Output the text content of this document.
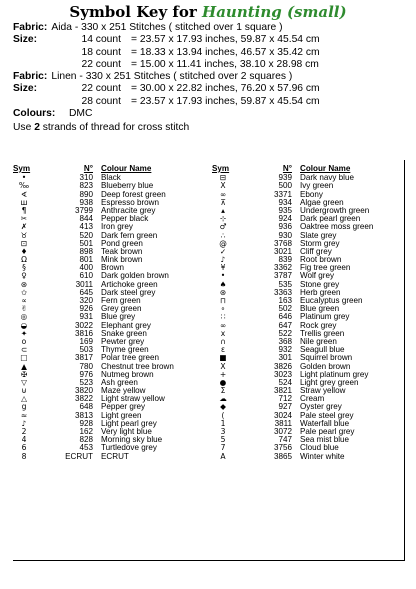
Symbol Key for Haunting (small)
Fabric: Aida - 330 x 251 Stitches ( stitched over 1 square )
Size:	14 count = 23.57 x 17.93 inches, 59.87 x 45.54 cm
18 count = 18.33 x 13.94 inches, 46.57 x 35.42 cm
22 count = 15.00 x 11.41 inches, 38.10 x 28.98 cm
Fabric: Linen - 330 x 251 Stitches ( stitched over 2 squares )
Size:	22 count = 30.00 x 22.82 inches, 76.20 x 57.96 cm
28 count = 23.57 x 17.93 inches, 59.87 x 45.54 cm
Colours:	DMC
Use 2 strands of thread for cross stitch
Sym	N° Colour Name
•	310 Black
‰	823 Blueberry blue
∢	890 Deep forest green
ш	938 Espresso brown
¶	3799 Anthracite grey
✂	844 Pepper black
✗	413 Iron grey
♉	520 Dark fern green
⊡	501 Pond green
♦	898 Teak brown
Ω	801 Mink brown
§	400 Brown
♀	610 Dark golden brown
⊛	3011 Artichoke green
✩	645 Dark steel grey
∝	320 Fern green
✌	926 Grey green
◎	931 Blue grey
◒	3022 Elephant grey
✦	3816 Snake green
o	169 Pewter grey
⊂	503 Thyme green
□	3817 Polar tree green
▲	780 Chestnut tree brown
✠	976 Nutmeg brown
▽	523 Ash green
⊍	3820 Maze yellow
△	3822 Light straw yellow
g	648 Pepper grey
≈	3813 Light green
♪	928 Light pearl grey
2	162 Very light blue
4	828 Morning sky blue
6	453 Turtledove grey
8	ECRUT ECRUT
Sym	N° Colour Name
⊟	939 Dark navy blue
X	500 Ivy green
∞	3371 Ebony
⊼	934 Algae green
▴	935 Undergrowth green
⊹	924 Dark pearl green
♂	936 Oaktree moss green
∴	930 Slate grey
@	3768 Storm grey
✓	3021 Cliff grey
♪	839 Root brown
¥	3362 Fig tree green
•	3787 Wolf grey
♠	535 Stone grey
⊛	3363 Herb green
⊓	163 Eucalyptus green
∘	502 Blue green
∷	646 Platinum grey
∞	647 Rock grey
x	522 Trellis green
∩	368 Nile green
ε	932 Seagull blue
■	301 Squirrel brown
X	3826 Golden brown
+	3023 Light platinum grey
●	524 Light grey green
Σ	3821 Straw yellow
☁	712 Cream
◆	927 Oyster grey
(	3024 Pale steel grey
1	3811 Waterfall blue
3	3072 Pale pearl grey
5	747 Sea mist blue
7	3756 Cloud blue
A	3865 Winter white
